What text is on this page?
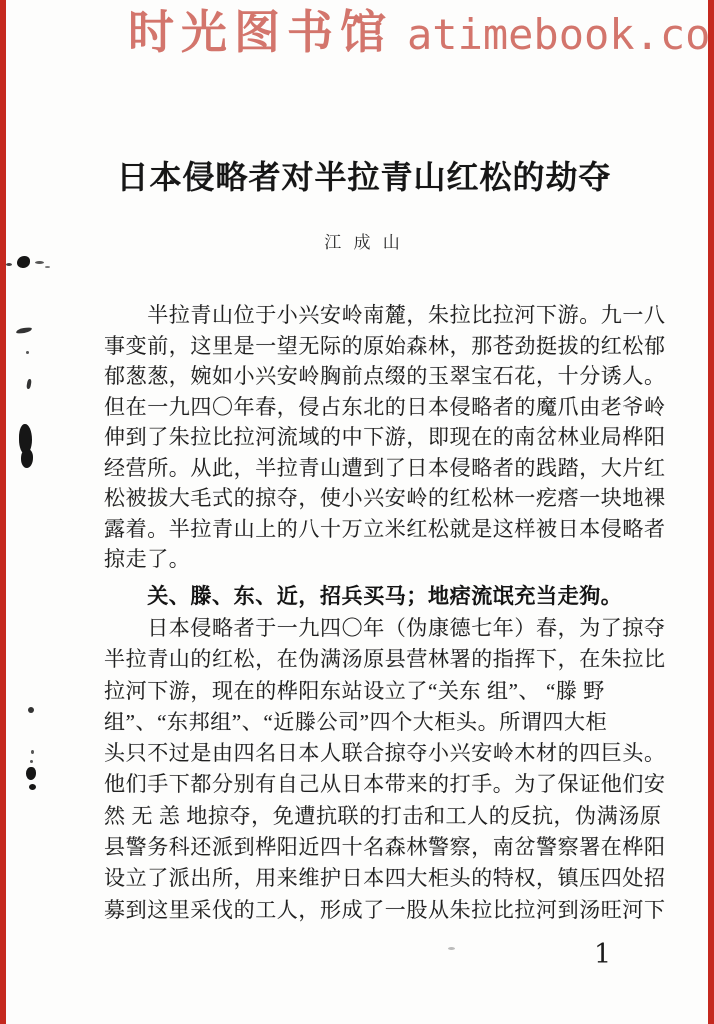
时光图书馆 atimebook.co
日本侵略者对半拉青山红松的劫夺
江 成 山
　　半拉青山位于小兴安岭南麓，朱拉比拉河下游。九一八
事变前，这里是一望无际的原始森林，那苍劲挺拔的红松郁
郁葱葱，婉如小兴安岭胸前点缀的玉翠宝石花，十分诱人。
但在一九四〇年春，侵占东北的日本侵略者的魔爪由老爷岭
伸到了朱拉比拉河流域的中下游，即现在的南岔林业局桦阳
经营所。从此，半拉青山遭到了日本侵略者的践踏，大片红
松被拔大毛式的掠夺，使小兴安岭的红松林一疙瘩一块地裸
露着。半拉青山上的八十万立米红松就是这样被日本侵略者
掠走了。
　　关、滕、东、近，招兵买马；地痞流氓充当走狗。
　　日本侵略者于一九四〇年（伪康德七年）春，为了掠夺
半拉青山的红松，在伪满汤原县营林署的指挥下，在朱拉比
拉河下游，现在的桦阳东站设立了“关东 组”、 “滕 野
组”、“东邦组”、“近滕公司”四个大柜头。所谓四大柜
头只不过是由四名日本人联合掠夺小兴安岭木材的四巨头。
他们手下都分别有自己从日本带来的打手。为了保证他们安
然 无 恙 地掠夺，免遭抗联的打击和工人的反抗，伪满汤原
县警务科还派到桦阳近四十名森林警察，南岔警察署在桦阳
设立了派出所，用来维护日本四大柜头的特权，镇压四处招
募到这里采伐的工人，形成了一股从朱拉比拉河到汤旺河下
1
